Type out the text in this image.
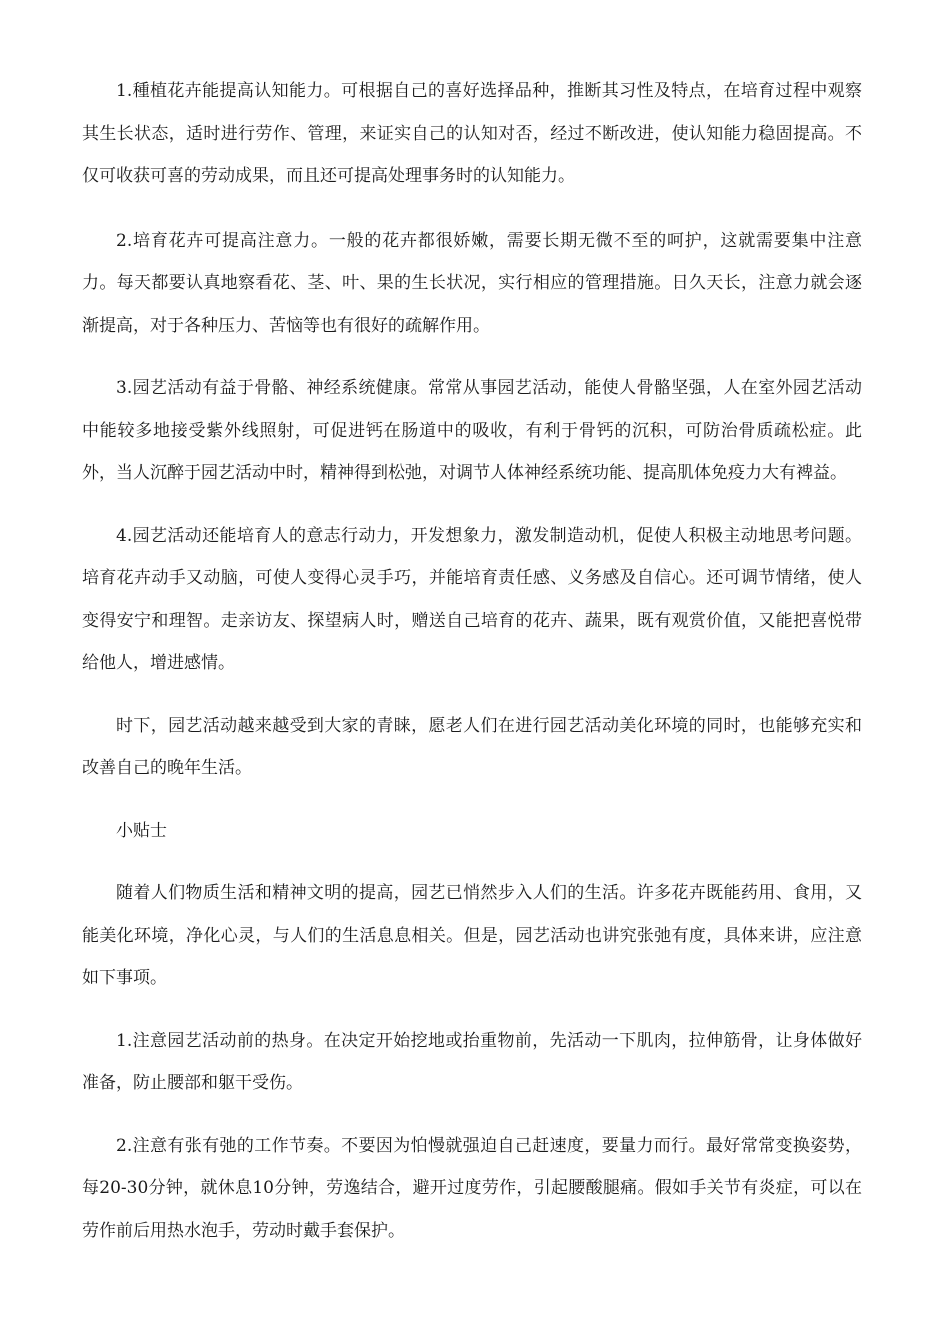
1.種植花卉能提高认知能力。可根据自己的喜好选择品种，推断其习性及特点，在培育过程中观察其生长状态，适时进行劳作、管理，来证实自己的认知对否，经过不断改进，使认知能力稳固提高。不仅可收获可喜的劳动成果，而且还可提高处理事务时的认知能力。

2.培育花卉可提高注意力。一般的花卉都很娇嫩，需要长期无微不至的呵护，这就需要集中注意力。每天都要认真地察看花、茎、叶、果的生长状况，实行相应的管理措施。日久天长，注意力就会逐渐提高，对于各种压力、苦恼等也有很好的疏解作用。

3.园艺活动有益于骨骼、神经系统健康。常常从事园艺活动，能使人骨骼坚强，人在室外园艺活动中能较多地接受紫外线照射，可促进钙在肠道中的吸收，有利于骨钙的沉积，可防治骨质疏松症。此外，当人沉醉于园艺活动中时，精神得到松弛，对调节人体神经系统功能、提高肌体免疫力大有裨益。

4.园艺活动还能培育人的意志行动力，开发想象力，激发制造动机，促使人积极主动地思考问题。培育花卉动手又动脑，可使人变得心灵手巧，并能培育责任感、义务感及自信心。还可调节情绪，使人变得安宁和理智。走亲访友、探望病人时，赠送自己培育的花卉、蔬果，既有观赏价值，又能把喜悦带给他人，增进感情。

时下，园艺活动越来越受到大家的青睐，愿老人们在进行园艺活动美化环境的同时，也能够充实和改善自己的晚年生活。

小贴士

随着人们物质生活和精神文明的提高，园艺已悄然步入人们的生活。许多花卉既能药用、食用，又能美化环境，净化心灵，与人们的生活息息相关。但是，园艺活动也讲究张弛有度，具体来讲，应注意如下事项。

1.注意园艺活动前的热身。在决定开始挖地或抬重物前，先活动一下肌肉，拉伸筋骨，让身体做好准备，防止腰部和躯干受伤。

2.注意有张有弛的工作节奏。不要因为怕慢就强迫自己赶速度，要量力而行。最好常常变换姿势，每20-30分钟，就休息10分钟，劳逸结合，避开过度劳作，引起腰酸腿痛。假如手关节有炎症，可以在劳作前后用热水泡手，劳动时戴手套保护。
